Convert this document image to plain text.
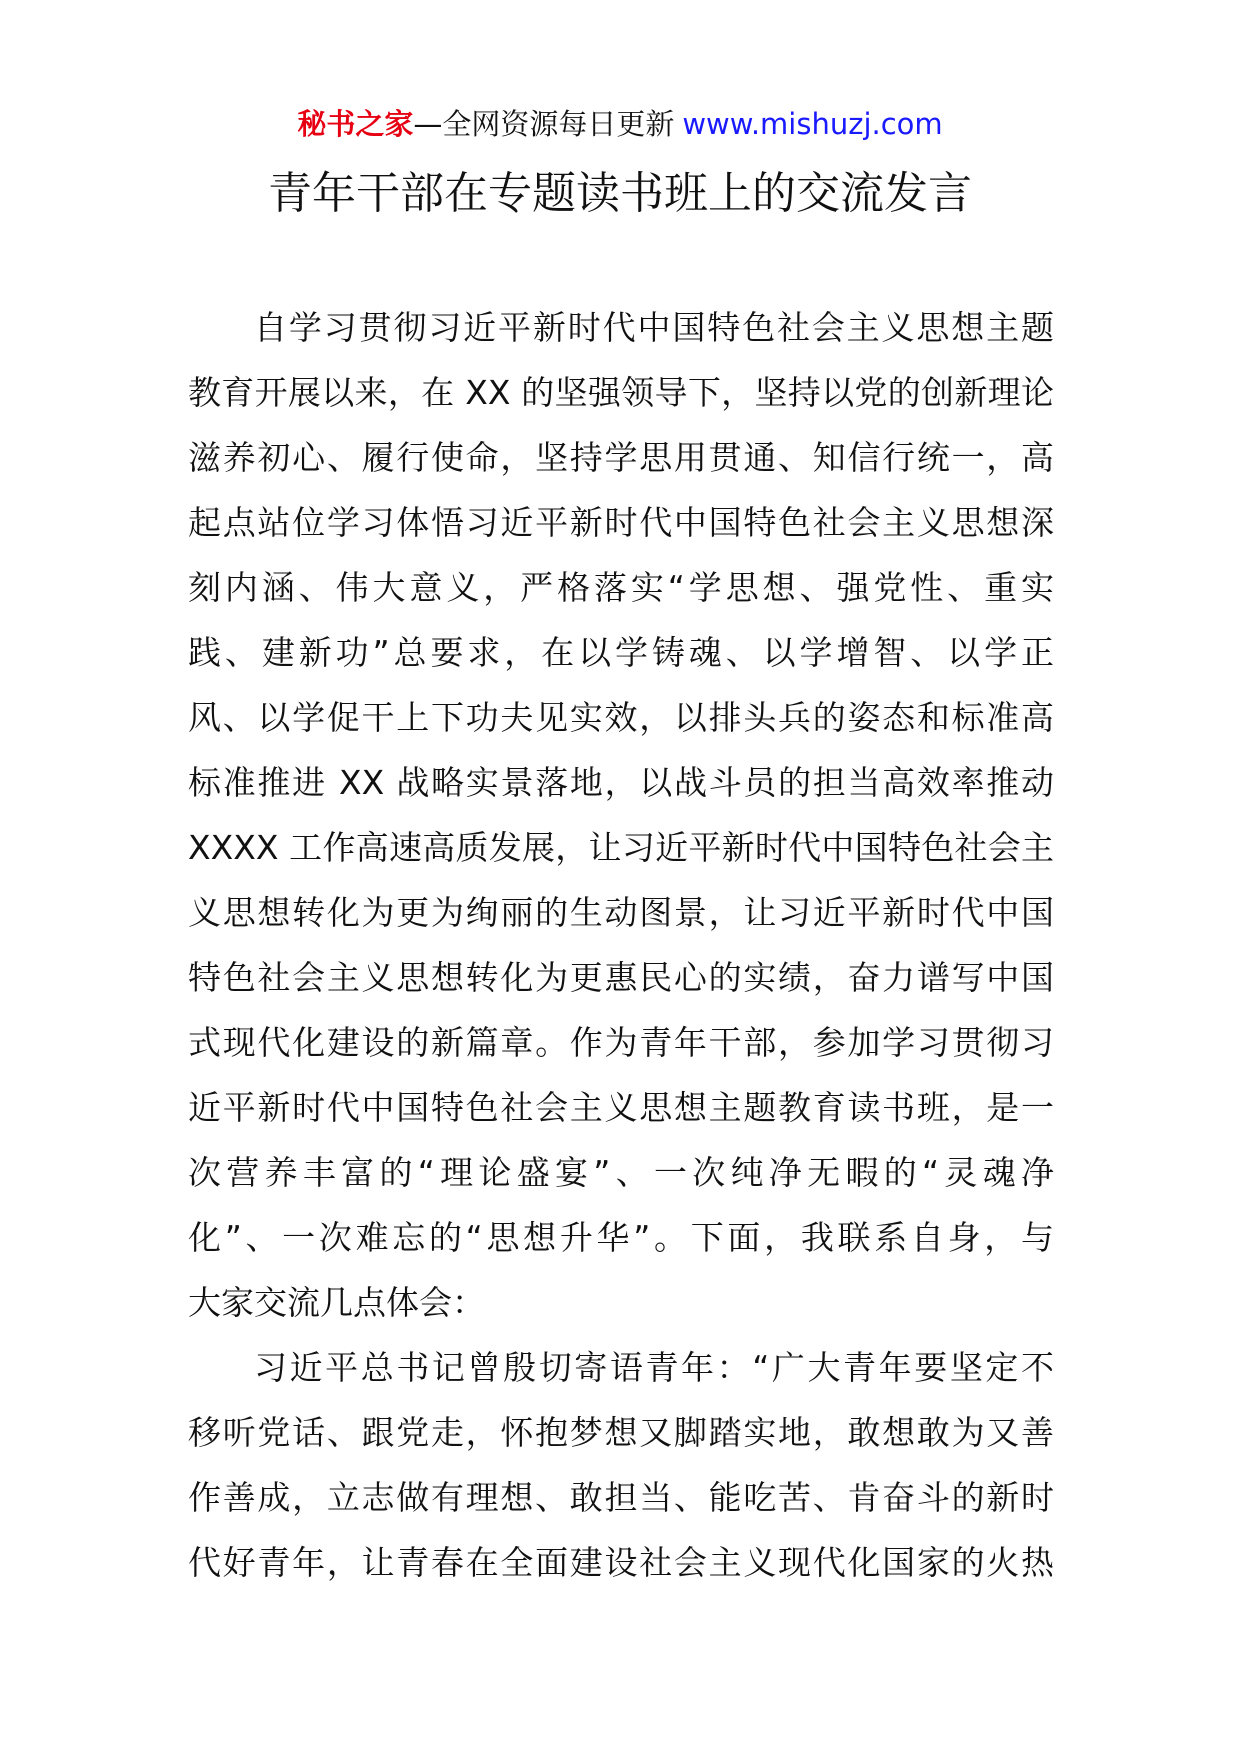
秘书之家—全网资源每日更新 www.mishuzj.com
青年干部在专题读书班上的交流发言
自学习贯彻习近平新时代中国特色社会主义思想主题
教育开展以来，在 XX 的坚强领导下，坚持以党的创新理论
滋养初心、履行使命，坚持学思用贯通、知信行统一，高
起点站位学习体悟习近平新时代中国特色社会主义思想深
刻内涵、伟大意义，严格落实“学思想、强党性、重实
践、建新功”总要求，在以学铸魂、以学增智、以学正
风、以学促干上下功夫见实效，以排头兵的姿态和标准高
标准推进 XX 战略实景落地，以战斗员的担当高效率推动
XXXX 工作高速高质发展，让习近平新时代中国特色社会主
义思想转化为更为绚丽的生动图景，让习近平新时代中国
特色社会主义思想转化为更惠民心的实绩，奋力谱写中国
式现代化建设的新篇章。作为青年干部，参加学习贯彻习
近平新时代中国特色社会主义思想主题教育读书班，是一
次营养丰富的“理论盛宴”、一次纯净无暇的“灵魂净
化”、一次难忘的“思想升华”。下面，我联系自身，与
大家交流几点体会：
习近平总书记曾殷切寄语青年：“广大青年要坚定不
移听党话、跟党走，怀抱梦想又脚踏实地，敢想敢为又善
作善成，立志做有理想、敢担当、能吃苦、肯奋斗的新时
代好青年，让青春在全面建设社会主义现代化国家的火热
